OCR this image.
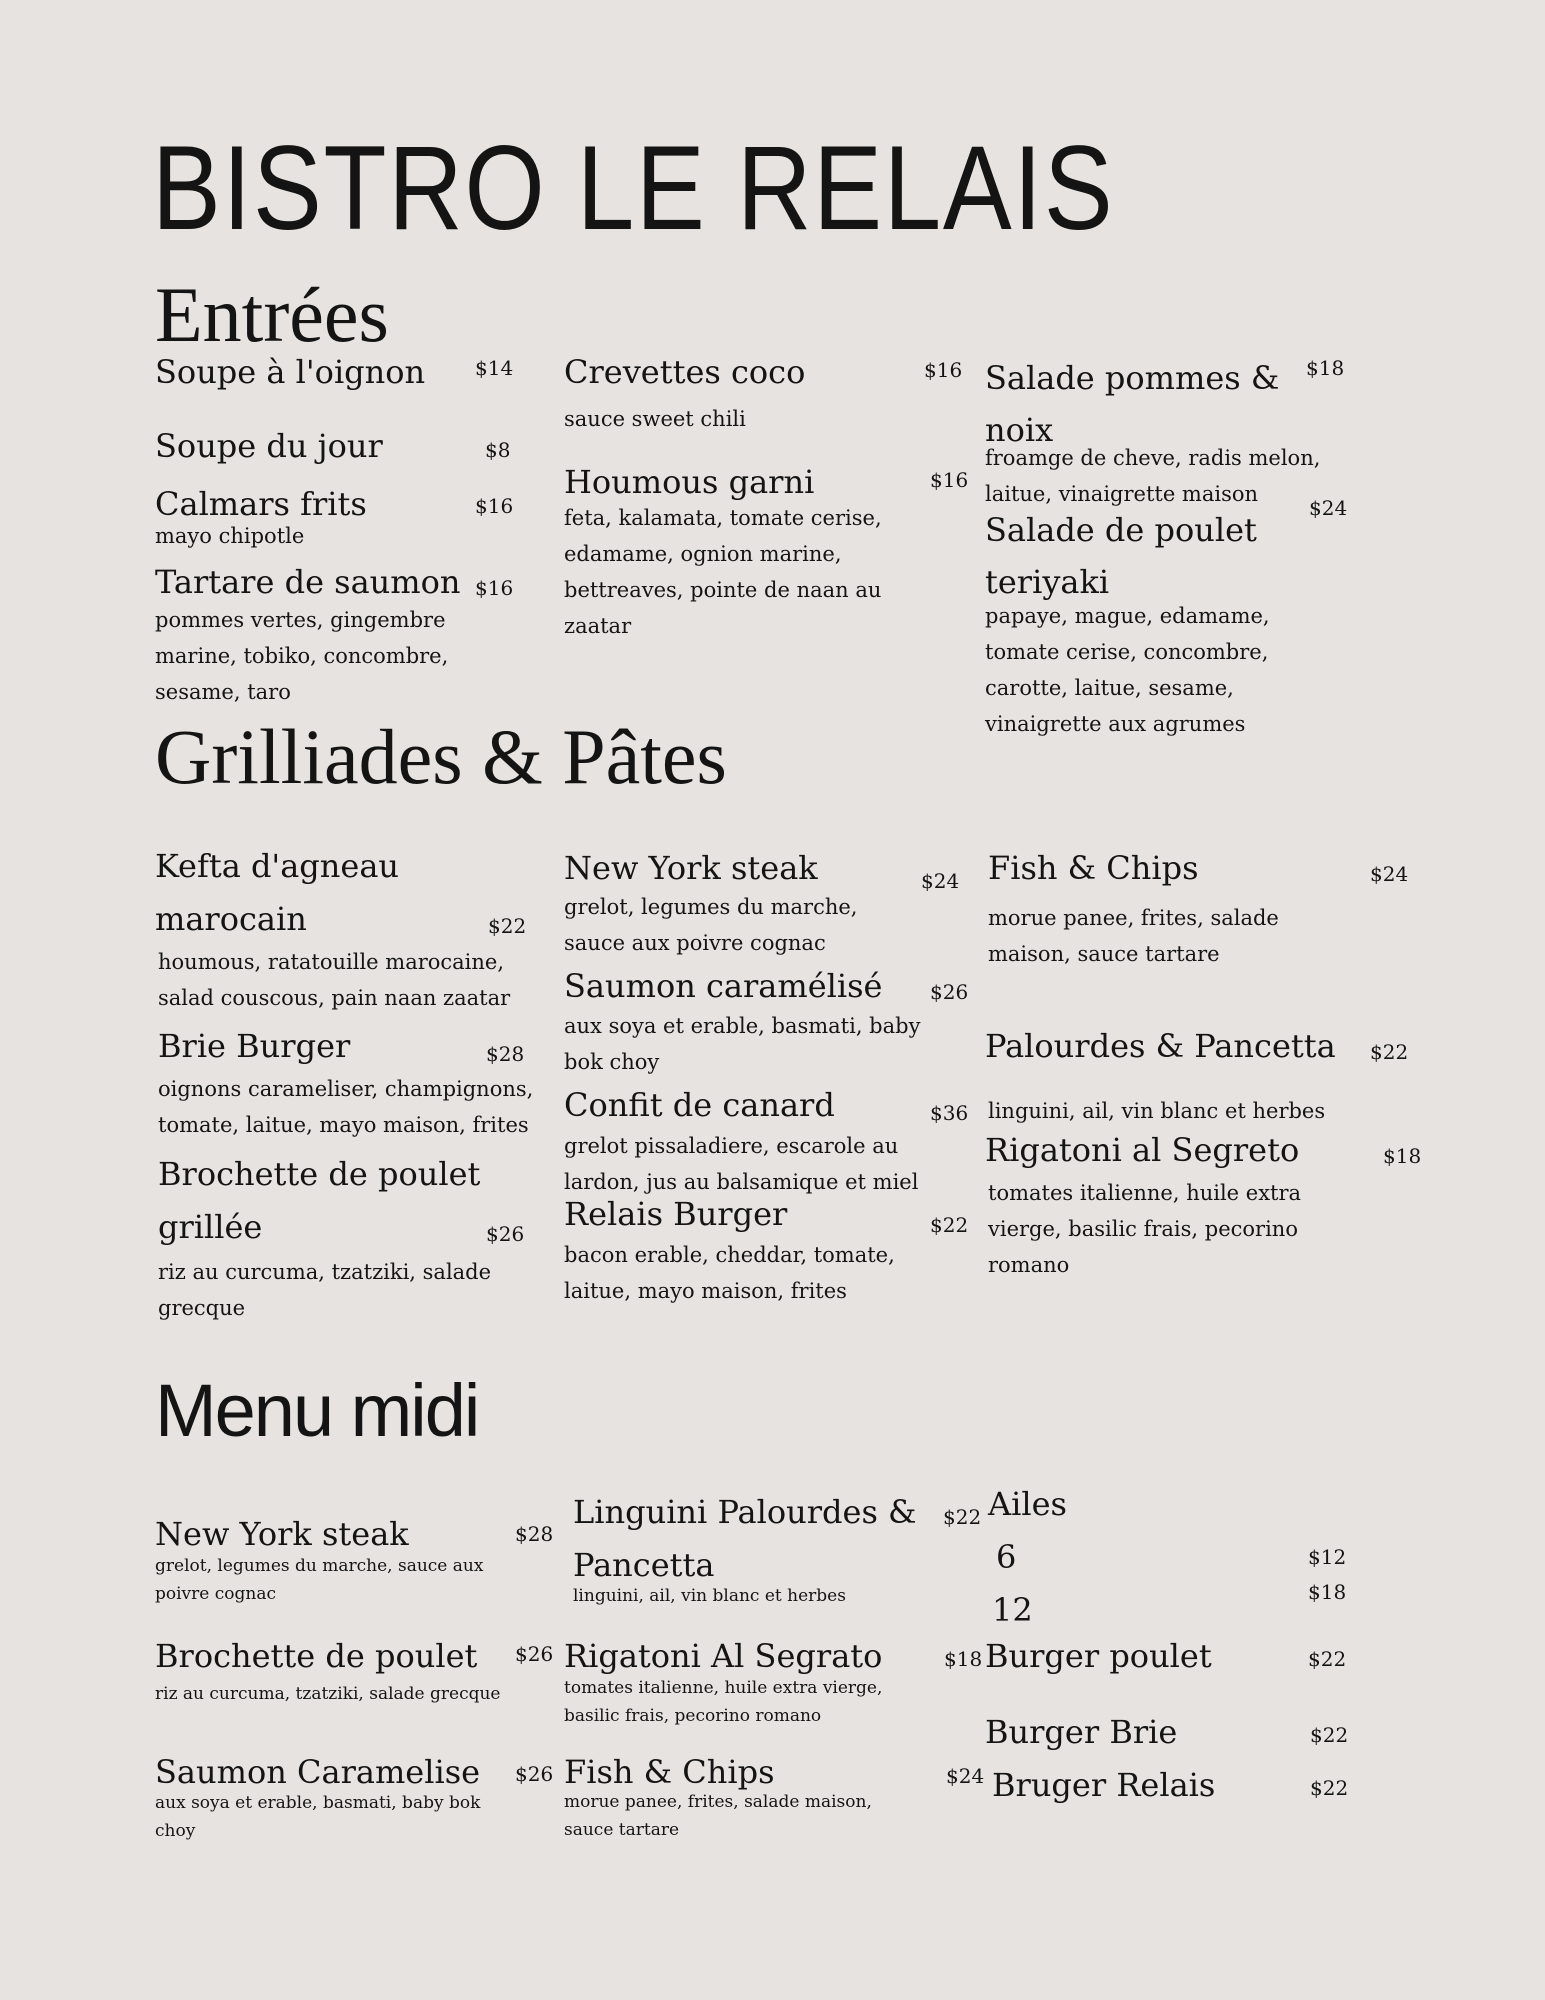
BISTRO LE RELAIS
Entrées
Grilliades & Pâtes
Menu midi
Soupe à l'oignon $14
Soupe du jour	$8
Calmars frits	$16
mayo chipotle
Tartare de saumon $16
pommes vertes, gingembre marine, tobiko, concombre, sesame, taro
Crevettes coco	$16
sauce sweet chili
Houmous garni	$16
feta, kalamata, tomate cerise, edamame, ognion marine, bettreaves, pointe de naan au zaatar
Salade pommes & noix
$18
froamge de cheve, radis melon, laitue, vinaigrette maison
Salade de poulet teriyaki
$24
papaye, mague, edamame, tomate cerise, concombre, carotte, laitue, sesame, vinaigrette aux agrumes
Kefta d'agneau marocain	$22
houmous, ratatouille marocaine, salad couscous, pain naan zaatar
Brie Burger	$28
oignons carameliser, champignons, tomate, laitue, mayo maison, frites
Brochette de poulet grillée	$26
riz au curcuma, tzatziki, salade grecque
New York steak	$24
grelot, legumes du marche, sauce aux poivre cognac
Saumon caramélisé $26
aux soya et erable, basmati, baby bok choy
Confit de canard	$36
grelot pissaladiere, escarole au lardon, jus au balsamique et miel
Relais Burger	$22
bacon erable, cheddar, tomate, laitue, mayo maison, frites
Fish & Chips	$24
morue panee, frites, salade maison, sauce tartare
Palourdes & Pancetta $22
linguini, ail, vin blanc et herbes
Rigatoni al Segreto	$18
tomates italienne, huile extra vierge, basilic frais, pecorino romano
New York steak	$28
grelot, legumes du marche, sauce aux poivre cognac
Brochette de poulet $26
riz au curcuma, tzatziki, salade grecque
Saumon Caramelise $26
aux soya et erable, basmati, baby bok choy
Linguini Palourdes & Pancetta
$22
linguini, ail, vin blanc et herbes
Rigatoni Al Segrato	$18
tomates italienne, huile extra vierge, basilic frais, pecorino romano
Fish & Chips	$24
morue panee, frites, salade maison, sauce tartare
Ailes
6	$12
12	$18
Burger poulet	$22
Burger Brie	$22
Bruger Relais	$22
